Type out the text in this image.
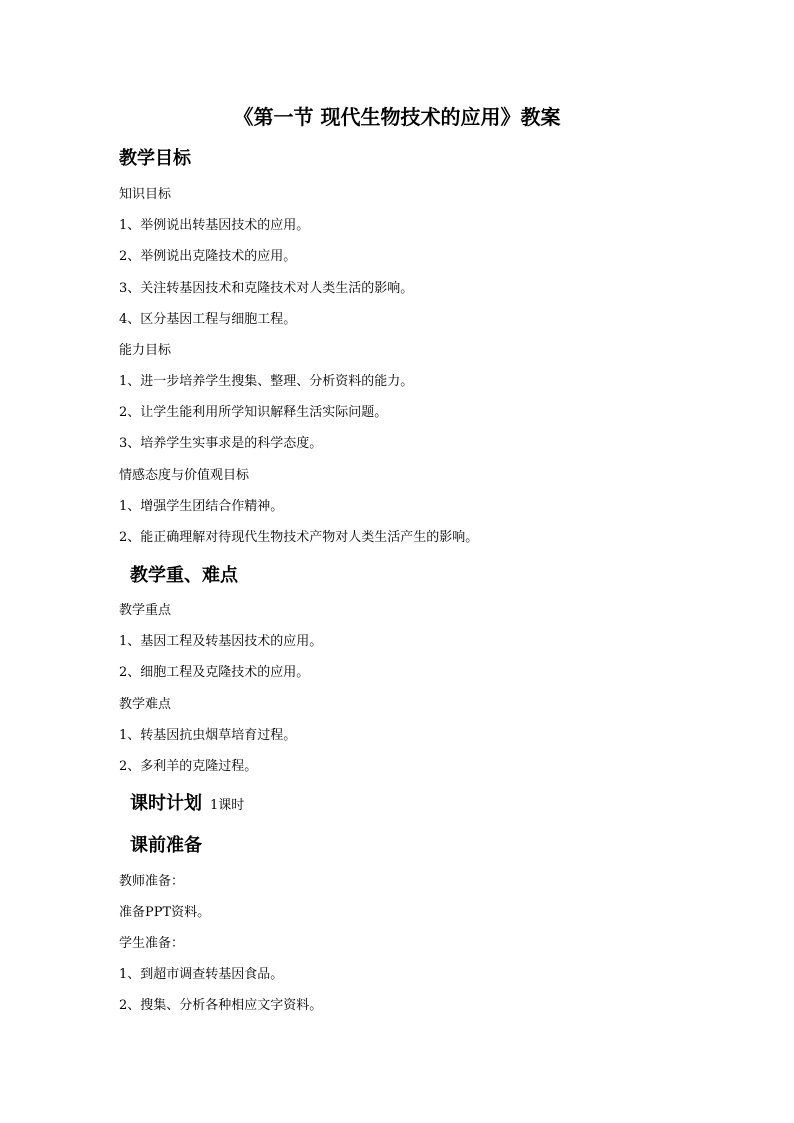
《第一节 现代生物技术的应用》教案
教学目标
知识目标
1、举例说出转基因技术的应用。
2、举例说出克隆技术的应用。
3、关注转基因技术和克隆技术对人类生活的影响。
4、区分基因工程与细胞工程。
能力目标
1、进一步培养学生搜集、整理、分析资料的能力。
2、让学生能利用所学知识解释生活实际问题。
3、培养学生实事求是的科学态度。
情感态度与价值观目标
1、增强学生团结合作精神。
2、能正确理解对待现代生物技术产物对人类生活产生的影响。
教学重、难点
教学重点
1、基因工程及转基因技术的应用。
2、细胞工程及克隆技术的应用。
教学难点
1、转基因抗虫烟草培育过程。
2、多利羊的克隆过程。
课时计划 1课时
课前准备
教师准备：
准备PPT资料。
学生准备：
1、到超市调查转基因食品。
2、搜集、分析各种相应文字资料。
